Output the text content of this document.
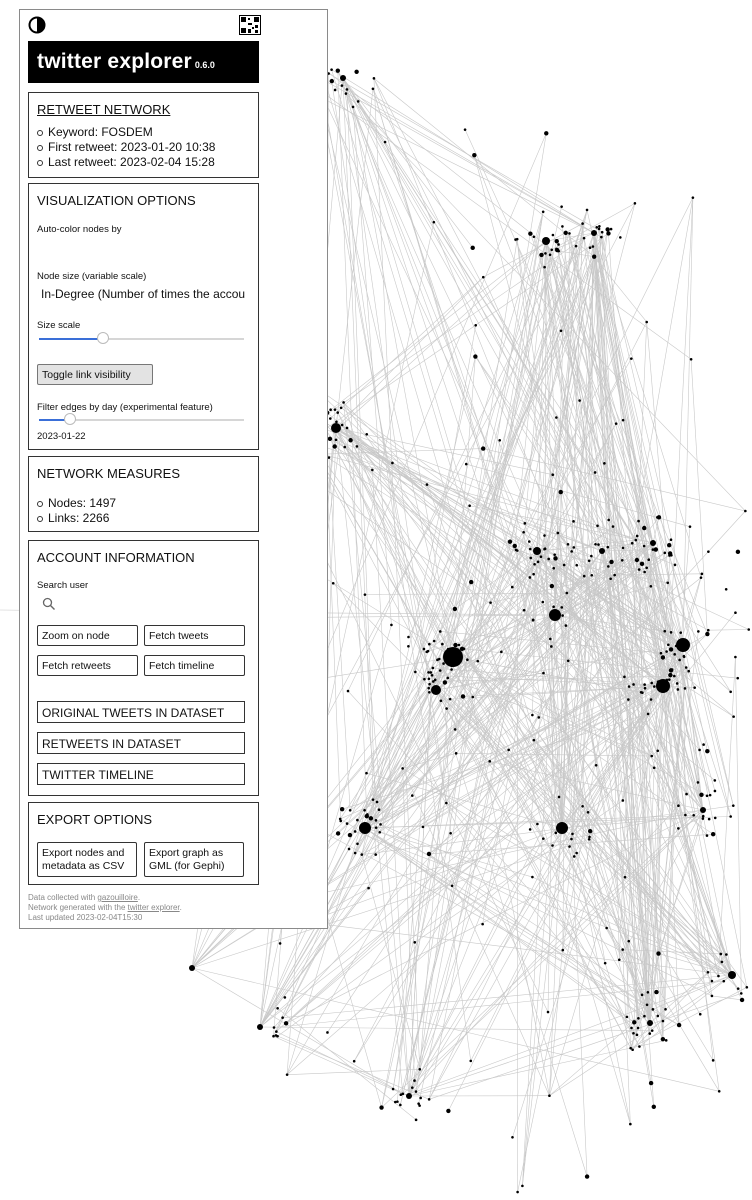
twitter explorer 0.6.0
RETWEET NETWORK
Keyword: FOSDEM
First retweet: 2023-01-20 10:38
Last retweet: 2023-02-04 15:28
VISUALIZATION OPTIONS
Auto-color nodes by
Node size (variable scale)
In-Degree (Number of times the accou
Size scale
Toggle link visibility
Filter edges by day (experimental feature)
2023-01-22
NETWORK MEASURES
Nodes: 1497
Links: 2266
ACCOUNT INFORMATION
Search user
Zoom on node	Fetch tweets
Fetch retweets	Fetch timeline
ORIGINAL TWEETS IN DATASET
RETWEETS IN DATASET
TWITTER TIMELINE
EXPORT OPTIONS
Export nodes and metadata as CSV
Export graph as GML (for Gephi)
Data collected with gazouilloire.
Network generated with the twitter explorer.
Last updated 2023-02-04T15:30
